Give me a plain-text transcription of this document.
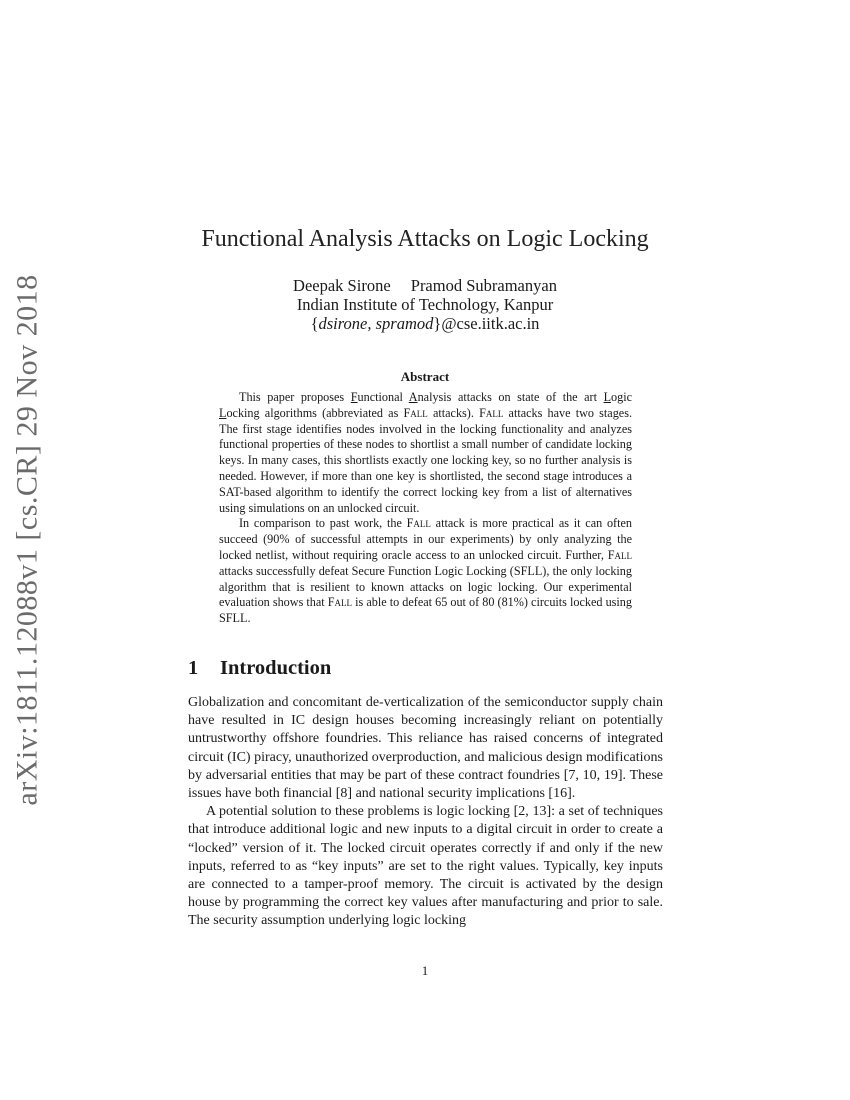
arXiv:1811.12088v1 [cs.CR] 29 Nov 2018
Functional Analysis Attacks on Logic Locking
Deepak Sirone Pramod Subramanyan
Indian Institute of Technology, Kanpur
{dsirone, spramod}@cse.iitk.ac.in
Abstract

This paper proposes Functional Analysis attacks on state of the art Logic Locking algorithms (abbreviated as Fall attacks). Fall attacks have two stages. The first stage identifies nodes involved in the locking functionality and analyzes functional properties of these nodes to shortlist a small number of candidate locking keys. In many cases, this shortlists exactly one locking key, so no further analysis is needed. However, if more than one key is shortlisted, the second stage introduces a SAT-based algorithm to identify the correct locking key from a list of alternatives using simulations on an unlocked circuit.

In comparison to past work, the Fall attack is more practical as it can often succeed (90% of successful attempts in our experiments) by only analyzing the locked netlist, without requiring oracle access to an unlocked circuit. Further, Fall attacks successfully defeat Secure Function Logic Locking (SFLL), the only locking algorithm that is resilient to known attacks on logic locking. Our experimental evaluation shows that Fall is able to defeat 65 out of 80 (81%) circuits locked using SFLL.

1 Introduction

Globalization and concomitant de-verticalization of the semiconductor supply chain have resulted in IC design houses becoming increasingly reliant on potentially untrustworthy offshore foundries. This reliance has raised concerns of integrated circuit (IC) piracy, unauthorized overproduction, and malicious design modifications by adversarial entities that may be part of these contract foundries [7, 10, 19]. These issues have both financial [8] and national security implications [16].

A potential solution to these problems is logic locking [2, 13]: a set of techniques that introduce additional logic and new inputs to a digital circuit in order to create a “locked” version of it. The locked circuit operates correctly if and only if the new inputs, referred to as “key inputs” are set to the right values. Typically, key inputs are connected to a tamper-proof memory. The circuit is activated by the design house by programming the correct key values after manufacturing and prior to sale. The security assumption underlying logic locking

1
